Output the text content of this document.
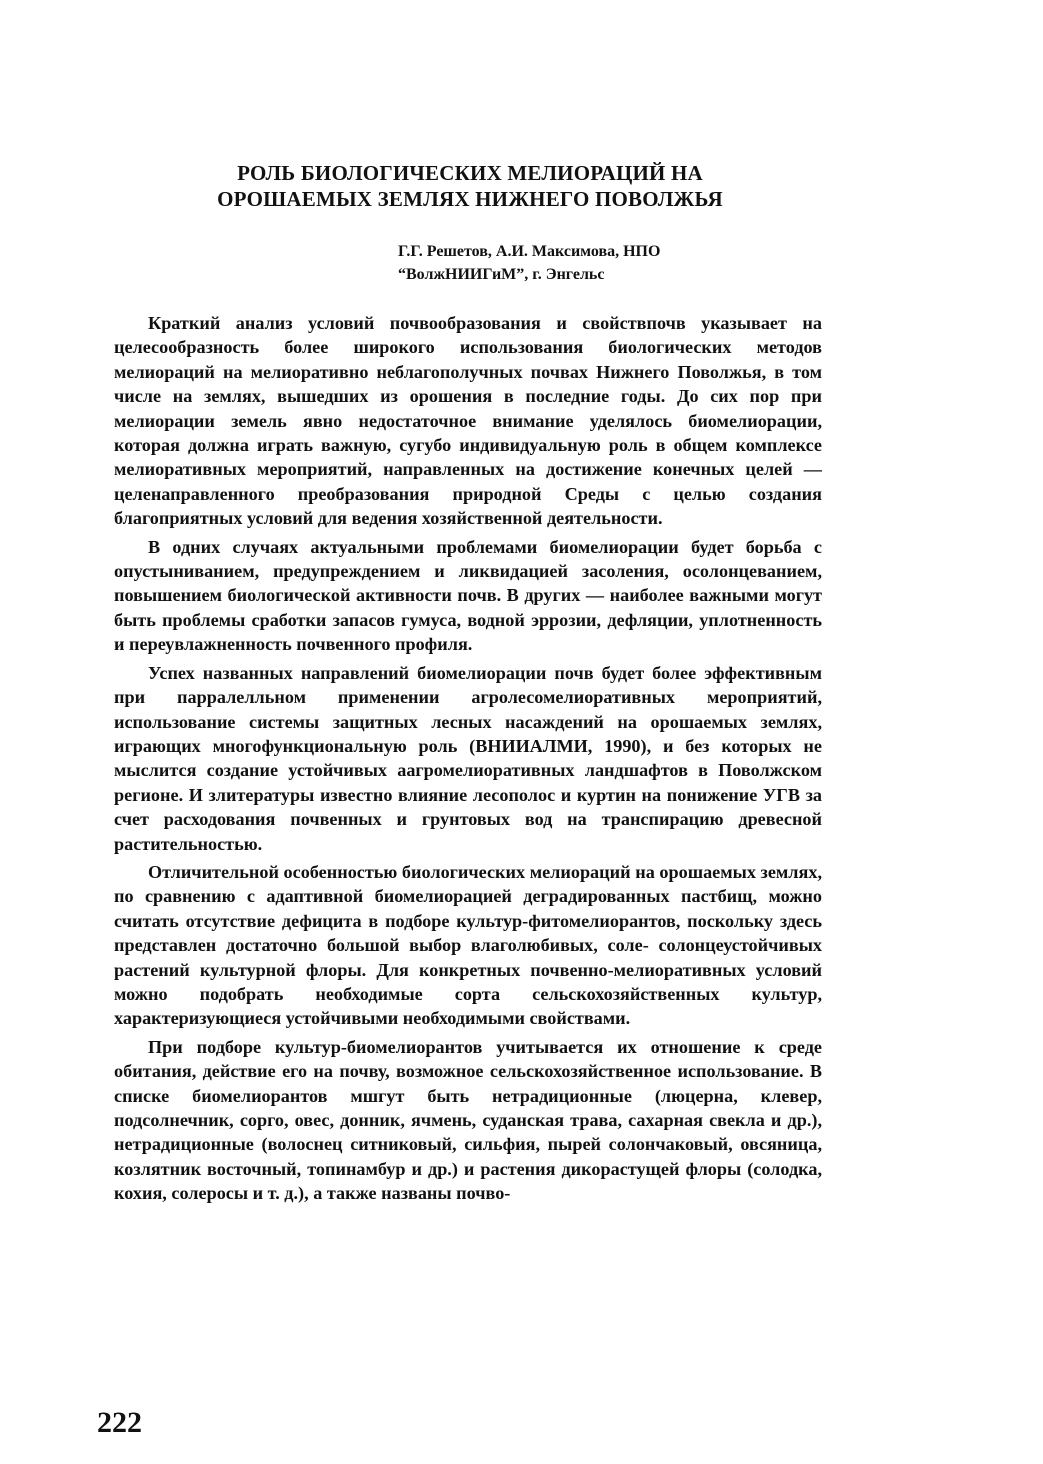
РОЛЬ БИОЛОГИЧЕСКИХ МЕЛИОРАЦИЙ НА
ОРОШАЕМЫХ ЗЕМЛЯХ НИЖНЕГО ПОВОЛЖЬЯ
Г.Г. Решетов, А.И. Максимова, НПО
“ВолжНИИГиМ”, г. Энгельс

Краткий анализ условий почвообразования и свойствпочв указывает на целесообразность более широкого использования биологических методов мелиораций на мелиоративно неблагополучных почвах Нижнего Поволжья, в том числе на землях, вышедших из орошения в последние годы. До сих пор при мелиорации земель явно недостаточное внимание уделялось биомелиорации, которая должна играть важную, сугубо индивидуальную роль в общем комплексе мелиоративных мероприятий, направленных на достижение конечных целей — целенаправленного преобразования природной Среды с целью создания благоприятных условий для ведения хозяйственной деятельности.

В одних случаях актуальными проблемами биомелиорации будет борьба с опустыниванием, предупреждением и ликвидацией засоления, осолонцеванием, повышением биологической активности почв. В других — наиболее важными могут быть проблемы сработки запасов гумуса, водной эррозии, дефляции, уплотненность и переувлажненность почвенного профиля.

Успех названных направлений биомелиорации почв будет более эффективным при парралелльном применении агролесомелиоративных мероприятий, использование системы защитных лесных насаждений на орошаемых землях, играющих многофункциональную роль (ВНИИАЛМИ, 1990), и без которых не мыслится создание устойчивых аагромелиоративных ландшафтов в Поволжском регионе. И злитературы известно влияние лесополос и куртин на понижение УГВ за счет расходования почвенных и грунтовых вод на транспирацию древесной растительностью.

Отличительной особенностью биологических мелиораций на орошаемых землях, по сравнению с адаптивной биомелиорацией деградированных пастбищ, можно считать отсутствие дефицита в подборе культур-фитомелиорантов, поскольку здесь представлен достаточно большой выбор влаголюбивых, соле- солонцеустойчивых растений культурной флоры. Для конкретных почвенно-мелиоративных условий можно подобрать необходимые сорта сельскохозяйственных культур, характеризующиеся устойчивыми необходимыми свойствами.

При подборе культур-биомелиорантов учитывается их отношение к среде обитания, действие его на почву, возможное сельскохозяйственное использование. В списке биомелиорантов мшгут быть нетрадиционные (люцерна, клевер, подсолнечник, сорго, овес, донник, ячмень, суданская трава, сахарная свекла и др.), нетрадиционные (волоснец ситниковый, сильфия, пырей солончаковый, овсяница, козлятник восточный, топинамбур и др.) и растения дикорастущей флоры (солодка, кохия, солеросы и т. д.), а также названы почво-

222
